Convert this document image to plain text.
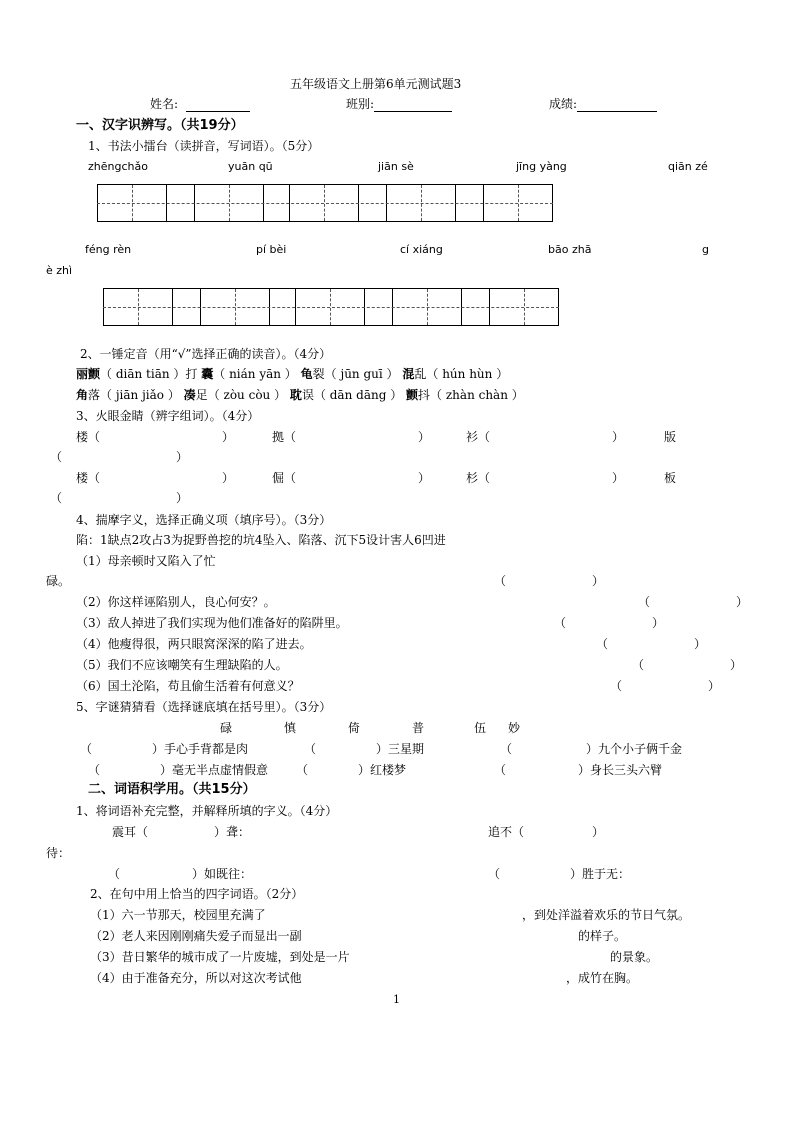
五年级语文上册第6单元测试题3
姓名:	班别:	成绩:
一、汉字识辨写。（共19分）
1、书法小擂台（读拼音，写词语）。（5分）
zhēngchǎo	yuān qū	jiān sè	jīng yàng	qiān zé
féng rèn	pí bèi	cí xiáng	bāo zhā	g
è zhì
2、一锤定音（用“√”选择正确的读音）。（4分）
丽颤（ diān tiān ）打 囊（ nián yān ） 龟裂（ jūn guī ） 混乱（ hún hùn ）
角落（ jiān jiǎo ） 凑足（ zòu còu ） 耽误（ dān dāng ） 颤抖（ zhàn chàn ）
3、火眼金睛（辨字组词）。（4分）
楼（	）	拠（	）	衫（	）	版
（	）
楼（	）	倔（	）	杉（	）	板
（	）
4、揣摩字义，选择正确义项（填序号）。（3分）
陷：1缺点2攻占3为捉野兽挖的坑4坠入、陷落、沉下5设计害人6凹进
（1）母亲顿时又陷入了忙
碌。	（	）
（2）你这样诬陷别人，良心何安？。	（	）
（3）敌人掉进了我们实现为他们准备好的陷阱里。	（	）
（4）他瘦得很，两只眼窝深深的陷了进去。	（	）
（5）我们不应该嘲笑有生理缺陷的人。	（	）
（6）国土沦陷，苟且偷生活着有何意义？	（	）
5、字谜猜猜看（选择谜底填在括号里）。（3分）
碌	慎	倚	普	伍 妙
（	）手心手背都是肉	（	）三星期	（	）九个小子俩千金
（	）毫无半点虚情假意 （	）红楼梦	（	）身长三头六臂
二、词语积学用。（共15分）
1、将词语补充完整，并解释所填的字义。（4分）
震耳（	）聋：	追不（	）
待：
（	）如既往：	（	）胜于无：
2、在句中用上恰当的四字词语。（2分）
（1）六一节那天，校园里充满了	，到处洋溢着欢乐的节日气氛。
（2）老人来因刚刚痛失爱子而显出一副	的样子。
（3）昔日繁华的城市成了一片废墟，到处是一片	的景象。
（4）由于准备充分，所以对这次考试他	，成竹在胸。
1
